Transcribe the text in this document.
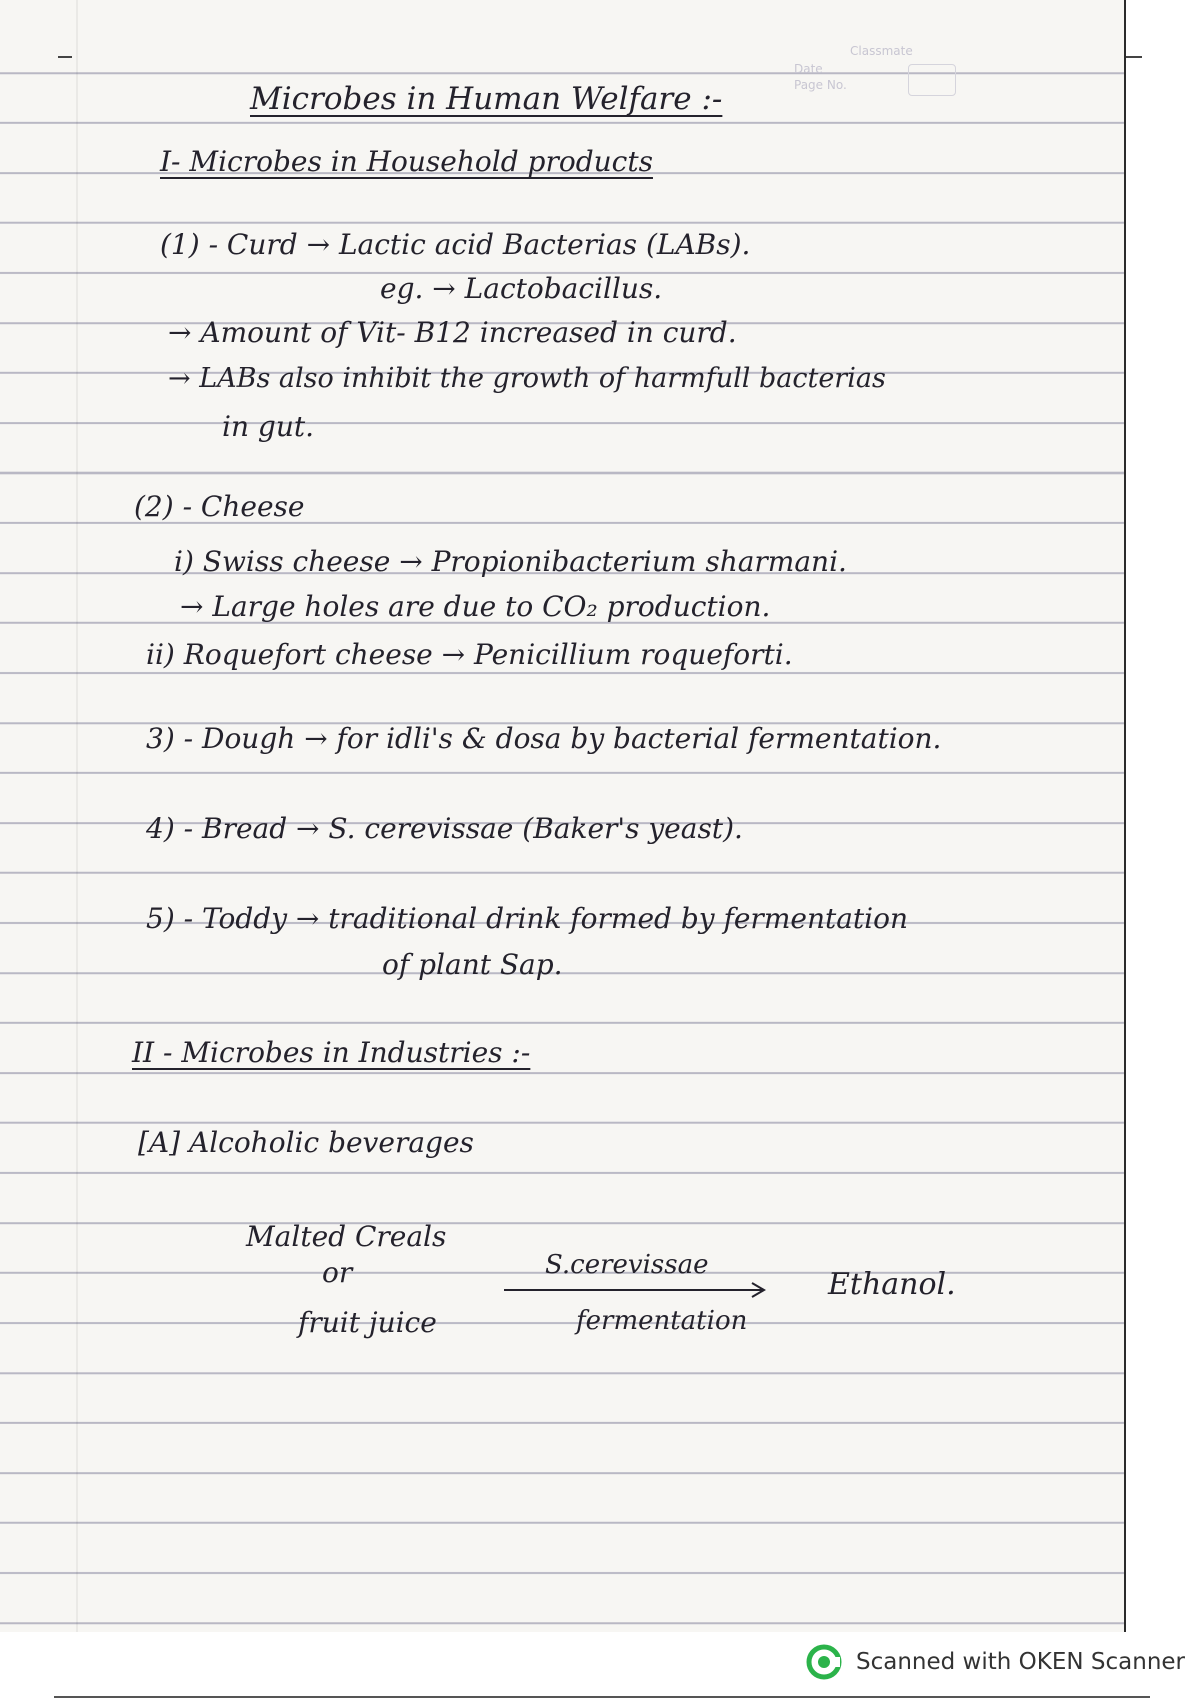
Classmate
Date
Page No.
Microbes in Human Welfare :-
I- Microbes in Household products
(1) - Curd → Lactic acid Bacterias (LABs).
eg. → Lactobacillus.
→ Amount of Vit- B12 increased in curd.
→ LABs also inhibit the growth of harmfull bacterias
in gut.
(2) - Cheese
i) Swiss cheese → Propionibacterium sharmani.
→ Large holes are due to CO₂ production.
ii) Roquefort cheese → Penicillium roqueforti.
3) - Dough → for idli's & dosa by bacterial fermentation.
4) - Bread → S. cerevissae (Baker's yeast).
5) - Toddy → traditional drink formed by fermentation
of plant Sap.
II - Microbes in Industries :-
[A] Alcoholic beverages
Malted Creals
or
fruit juice
S.cerevissae
fermentation
Ethanol.
Scanned with OKEN Scanner
